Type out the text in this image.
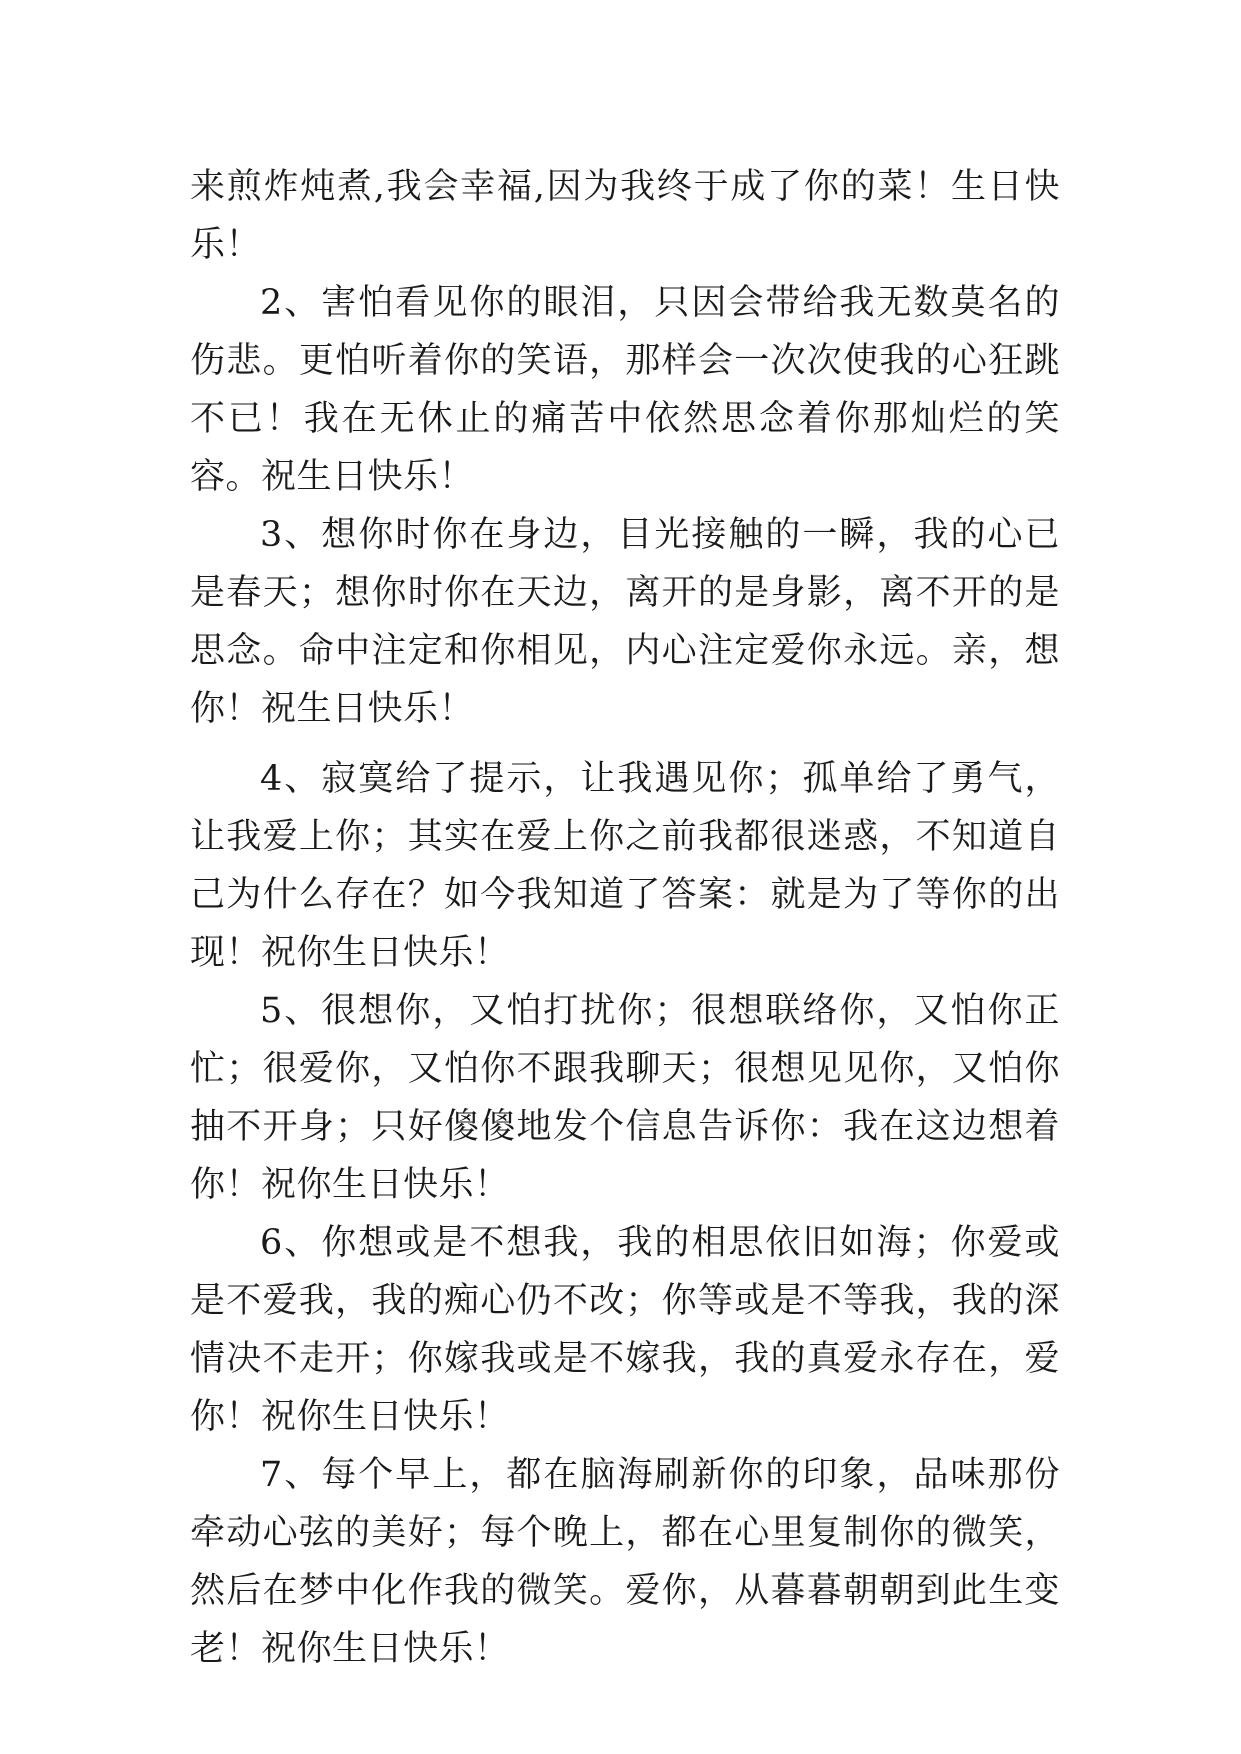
来煎炸炖煮,我会幸福,因为我终于成了你的菜！生日快乐！

2、害怕看见你的眼泪，只因会带给我无数莫名的伤悲。更怕听着你的笑语，那样会一次次使我的心狂跳不已！我在无休止的痛苦中依然思念着你那灿烂的笑容。祝生日快乐！

3、想你时你在身边，目光接触的一瞬，我的心已是春天；想你时你在天边，离开的是身影，离不开的是思念。命中注定和你相见，内心注定爱你永远。亲，想你！祝生日快乐！

4、寂寞给了提示，让我遇见你；孤单给了勇气，让我爱上你；其实在爱上你之前我都很迷惑，不知道自己为什么存在？如今我知道了答案：就是为了等你的出现！祝你生日快乐！

5、很想你，又怕打扰你；很想联络你，又怕你正忙；很爱你，又怕你不跟我聊天；很想见见你，又怕你抽不开身；只好傻傻地发个信息告诉你：我在这边想着你！祝你生日快乐！

6、你想或是不想我，我的相思依旧如海；你爱或是不爱我，我的痴心仍不改；你等或是不等我，我的深情决不走开；你嫁我或是不嫁我，我的真爱永存在，爱你！祝你生日快乐！

7、每个早上，都在脑海刷新你的印象，品味那份牵动心弦的美好；每个晚上，都在心里复制你的微笑，然后在梦中化作我的微笑。爱你，从暮暮朝朝到此生变老！祝你生日快乐！
